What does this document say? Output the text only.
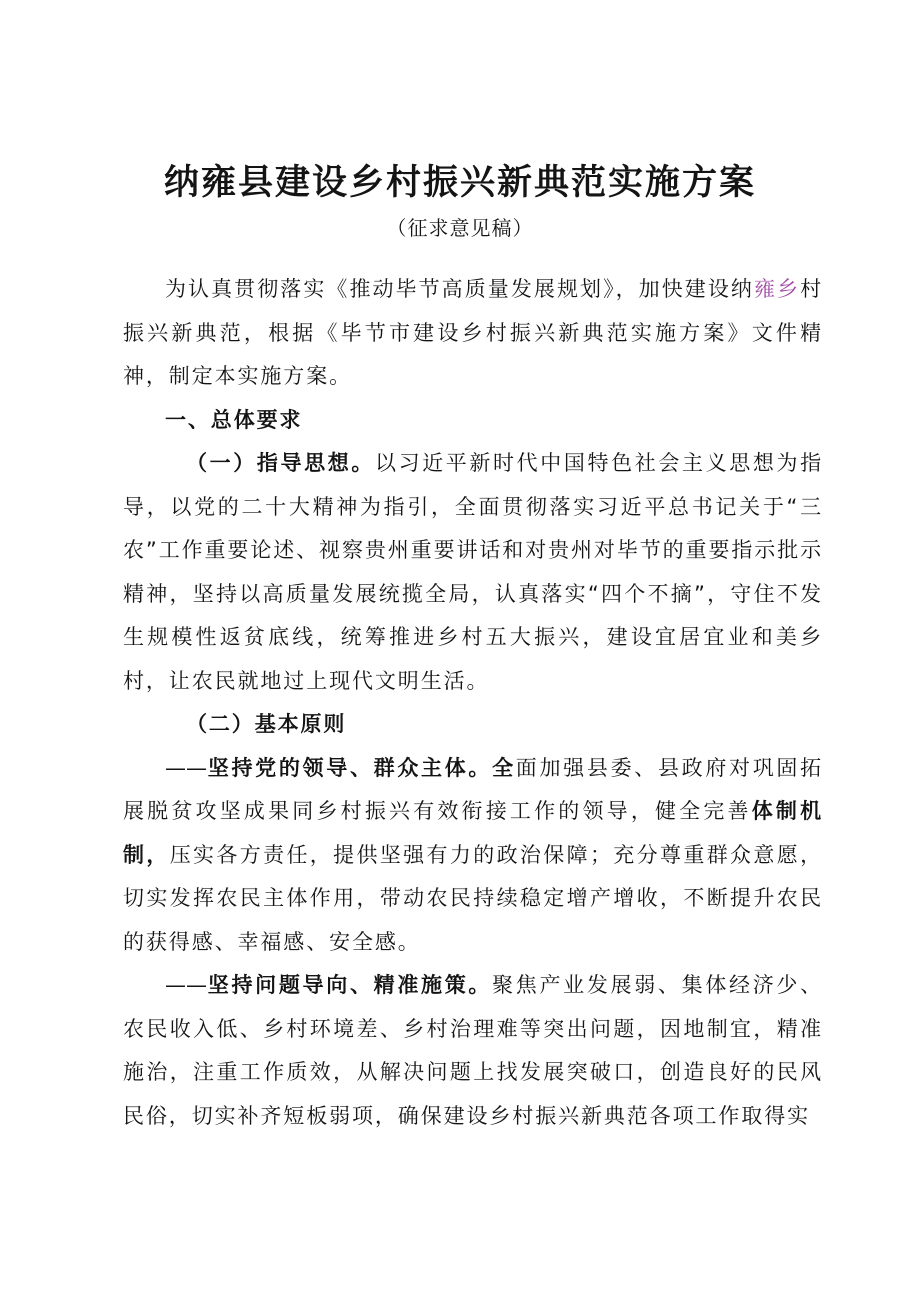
纳雍县建设乡村振兴新典范实施方案
（征求意见稿）

为认真贯彻落实《推动毕节高质量发展规划》，加快建设纳雍乡村振兴新典范，根据《毕节市建设乡村振兴新典范实施方案》文件精神，制定本实施方案。

一、总体要求

（一）指导思想。以习近平新时代中国特色社会主义思想为指导，以党的二十大精神为指引，全面贯彻落实习近平总书记关于“三农”工作重要论述、视察贵州重要讲话和对贵州对毕节的重要指示批示精神，坚持以高质量发展统揽全局，认真落实“四个不摘”，守住不发生规模性返贫底线，统筹推进乡村五大振兴，建设宜居宜业和美乡村，让农民就地过上现代文明生活。

（二）基本原则

——坚持党的领导、群众主体。全面加强县委、县政府对巩固拓展脱贫攻坚成果同乡村振兴有效衔接工作的领导，健全完善体制机制，压实各方责任，提供坚强有力的政治保障；充分尊重群众意愿，切实发挥农民主体作用，带动农民持续稳定增产增收，不断提升农民的获得感、幸福感、安全感。

——坚持问题导向、精准施策。聚焦产业发展弱、集体经济少、农民收入低、乡村环境差、乡村治理难等突出问题，因地制宜，精准施治，注重工作质效，从解决问题上找发展突破口，创造良好的民风民俗，切实补齐短板弱项，确保建设乡村振兴新典范各项工作取得实
